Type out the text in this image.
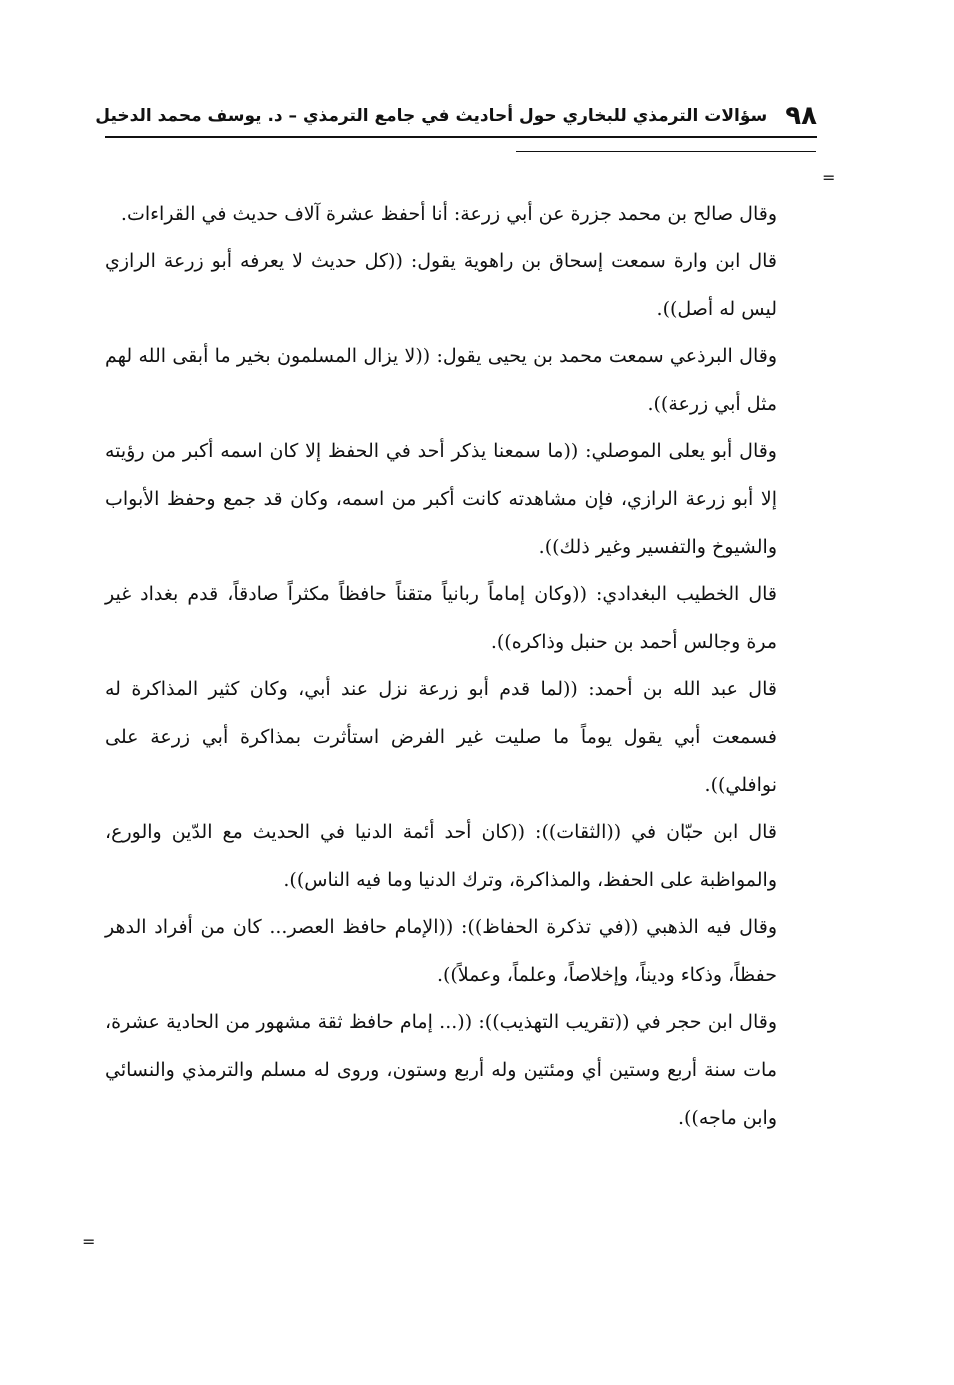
٩٨
سؤالات الترمذي للبخاري حول أحاديث في جامع الترمذي – د. يوسف محمد الدخيل
=

وقال صالح بن محمد جزرة عن أبي زرعة: أنا أحفظ عشرة آلاف حديث في القراءات.

قال ابن وارة سمعت إسحاق بن راهوية يقول: ((كل حديث لا يعرفه أبو زرعة الرازي ليس له أصل)).

وقال البرذعي سمعت محمد بن يحيى يقول: ((لا يزال المسلمون بخير ما أبقى الله لهم مثل أبي زرعة)).

وقال أبو يعلى الموصلي: ((ما سمعنا يذكر أحد في الحفظ إلا كان اسمه أكبر من رؤيته إلا أبو زرعة الرازي، فإن مشاهدته كانت أكبر من اسمه، وكان قد جمع وحفظ الأبواب والشيوخ والتفسير وغير ذلك)).

قال الخطيب البغدادي: ((وكان إماماً ربانياً متقناً حافظاً مكثراً صادقاً، قدم بغداد غير مرة وجالس أحمد بن حنبل وذاكره)).

قال عبد الله بن أحمد: ((لما قدم أبو زرعة نزل عند أبي، وكان كثير المذاكرة له فسمعت أبي يقول يوماً ما صليت غير الفرض استأثرت بمذاكرة أبي زرعة على نوافلي)).

قال ابن حبّان في ((الثقات)): ((كان أحد أئمة الدنيا في الحديث مع الدّين والورع، والمواظبة على الحفظ، والمذاكرة، وترك الدنيا وما فيه الناس)).

وقال فيه الذهبي ((في تذكرة الحفاظ)): ((الإمام حافظ العصر... كان من أفراد الدهر حفظاً، وذكاء وديناً، وإخلاصاً، وعلماً، وعملاً)).

وقال ابن حجر في ((تقريب التهذيب)): ((... إمام حافظ ثقة مشهور من الحادية عشرة، مات سنة أربع وستين أي ومئتين وله أربع وستون، وروى له مسلم والترمذي والنسائي وابن ماجه)).

=
